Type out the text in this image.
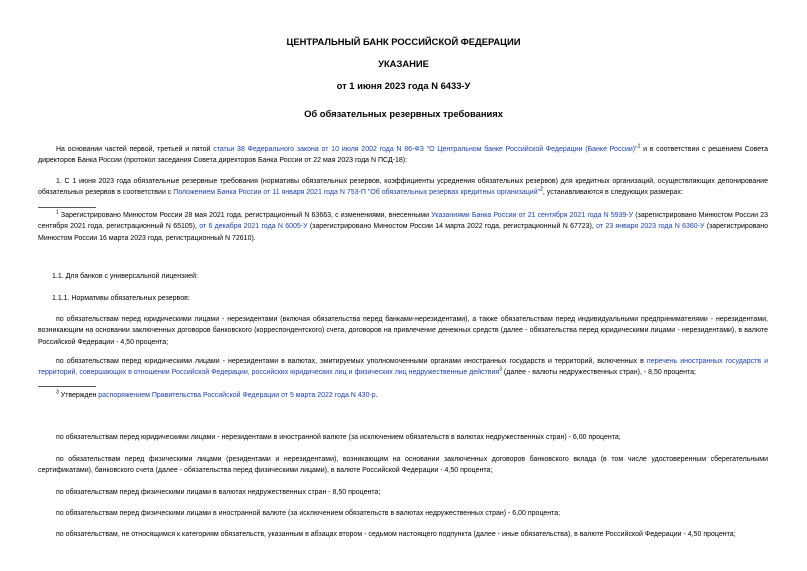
ЦЕНТРАЛЬНЫЙ БАНК РОССИЙСКОЙ ФЕДЕРАЦИИ
УКАЗАНИЕ
от 1 июня 2023 года N 6433-У
Об обязательных резервных требованиях
На основании частей первой, третьей и пятой статьи 38 Федерального закона от 10 июля 2002 года N 86-ФЗ "О Центральном банке Российской Федерации (Банке России)"$^1$ и в соответствии с решением Совета директоров Банка России (протокол заседания Совета директоров Банка России от 22 мая 2023 года N ПСД-18):
1. С 1 июня 2023 года обязательные резервные требования (нормативы обязательных резервов, коэффициенты усреднения обязательных резервов) для кредитных организаций, осуществляющих депонирование обязательных резервов в соответствии с Положением Банка России от 11 января 2021 года N 753-П "Об обязательных резервах кредитных организаций"$^2$, устанавливаются в следующих размерах:
$^1$ Зарегистрировано Минюстом России 28 мая 2021 года, регистрационный N 63663, с изменениями, внесенными Указаниями Банка России от 21 сентября 2021 года N 5939-У (зарегистрировано Минюстом России 23 сентября 2021 года, регистрационный N 65105), от 6 декабря 2021 года N 6005-У (зарегистрировано Минюстом России 14 марта 2022 года, регистрационный N 67723), от 23 января 2023 года N 6360-У (зарегистрировано Минюстом России 16 марта 2023 года, регистрационный N 72610).
1.1. Для банков с универсальной лицензией:
1.1.1. Нормативы обязательных резервов:
по обязательствам перед юридическими лицами - нерезидентами (включая обязательства перед банками-нерезидентами), а также обязательствам перед индивидуальными предпринимателями - нерезидентами, возникающим на основании заключенных договоров банковского (корреспондентского) счета, договоров на привлечение денежных средств (далее - обязательства перед юридическими лицами - нерезидентами), в валюте Российской Федерации - 4,50 процента;
по обязательствам перед юридическими лицами - нерезидентами в валютах, эмитируемых уполномоченными органами иностранных государств и территорий, включенных в перечень иностранных государств и территорий, совершающих в отношении Российской Федерации, российских юридических лиц и физических лиц недружественные действия$^3$ (далее - валюты недружественных стран), - 8,50 процента;
$^3$ Утвержден распоряжением Правительства Российской Федерации от 5 марта 2022 года N 430-р.
по обязательствам перед юридическими лицами - нерезидентами в иностранной валюте (за исключением обязательств в валютах недружественных стран) - 6,00 процента;
по обязательствам перед физическими лицами (резидентами и нерезидентами), возникающим на основании заключенных договоров банковского вклада (в том числе удостоверенным сберегательными сертификатами), банковского счета (далее - обязательства перед физическими лицами), в валюте Российской Федерации - 4,50 процента;
по обязательствам перед физическими лицами в валютах недружественных стран - 8,50 процента;
по обязательствам перед физическими лицами в иностранной валюте (за исключением обязательств в валютах недружественных стран) - 6,00 процента;
по обязательствам, не относящимся к категориям обязательств, указанным в абзацах втором - седьмом настоящего подпункта (далее - иные обязательства), в валюте Российской Федерации - 4,50 процента;
